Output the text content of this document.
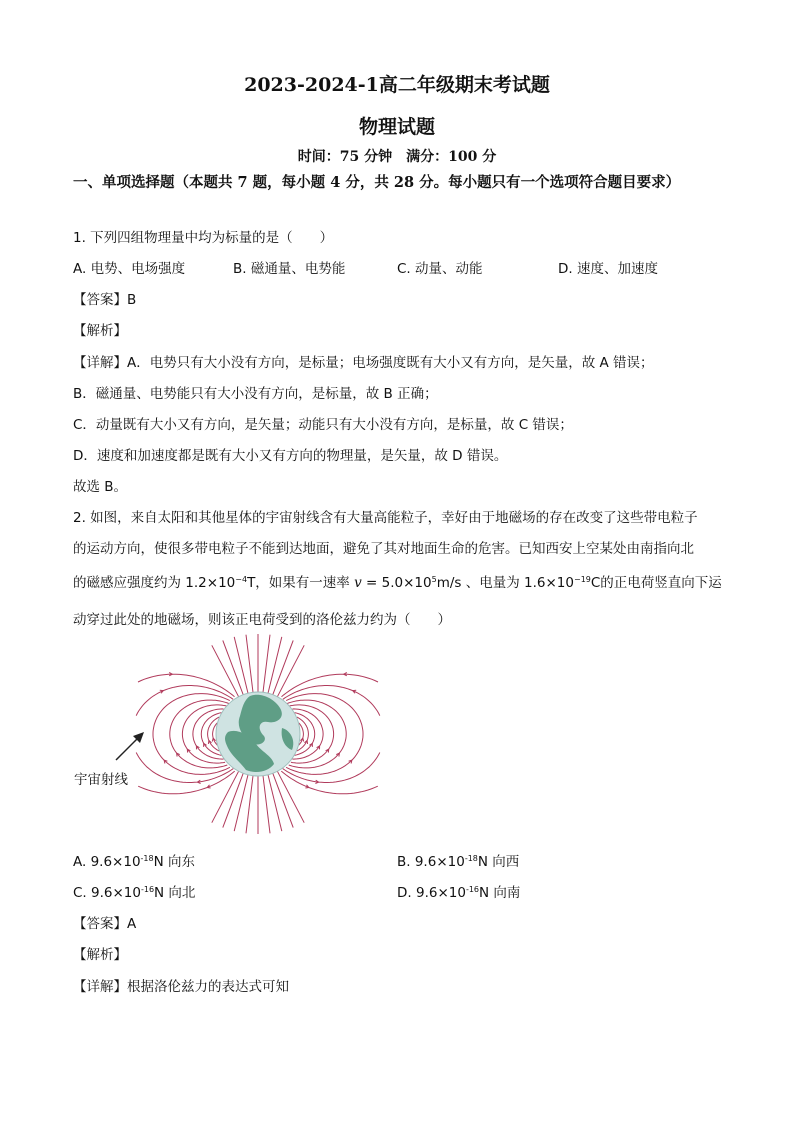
2023-2024-1高二年级期末考试题
物理试题
时间：75 分钟　满分：100 分
一、单项选择题（本题共 7 题，每小题 4 分，共 28 分。每小题只有一个选项符合题目要求）
1. 下列四组物理量中均为标量的是（　　）
A. 电势、电场强度	B. 磁通量、电势能	C. 动量、动能	D. 速度、加速度
【答案】B
【解析】
【详解】A．电势只有大小没有方向，是标量；电场强度既有大小又有方向，是矢量，故 A 错误；
B．磁通量、电势能只有大小没有方向，是标量，故 B 正确；
C．动量既有大小又有方向，是矢量；动能只有大小没有方向，是标量，故 C 错误；
D．速度和加速度都是既有大小又有方向的物理量，是矢量，故 D 错误。
故选 B。
2. 如图，来自太阳和其他星体的宇宙射线含有大量高能粒子，幸好由于地磁场的存在改变了这些带电粒子
的运动方向，使很多带电粒子不能到达地面，避免了其对地面生命的危害。已知西安上空某处由南指向北
的磁感应强度约为 $1.2\times 10^{-4}T$，如果有一速率 $v = 5.0\times 10^5m/s$ 、电量为 $1.6\times 10^{-19}C$的正电荷竖直向下运
动穿过此处的地磁场，则该正电荷受到的洛伦兹力约为（　　）
宇宙射线
A. $9.6\times 10^{-18}N$ 向东	B. $9.6\times 10^{-18}N$ 向西
C. $9.6\times 10^{-16}N$ 向北	D. $9.6\times 10^{-16}N$ 向南
【答案】A
【解析】
【详解】根据洛伦兹力的表达式可知
